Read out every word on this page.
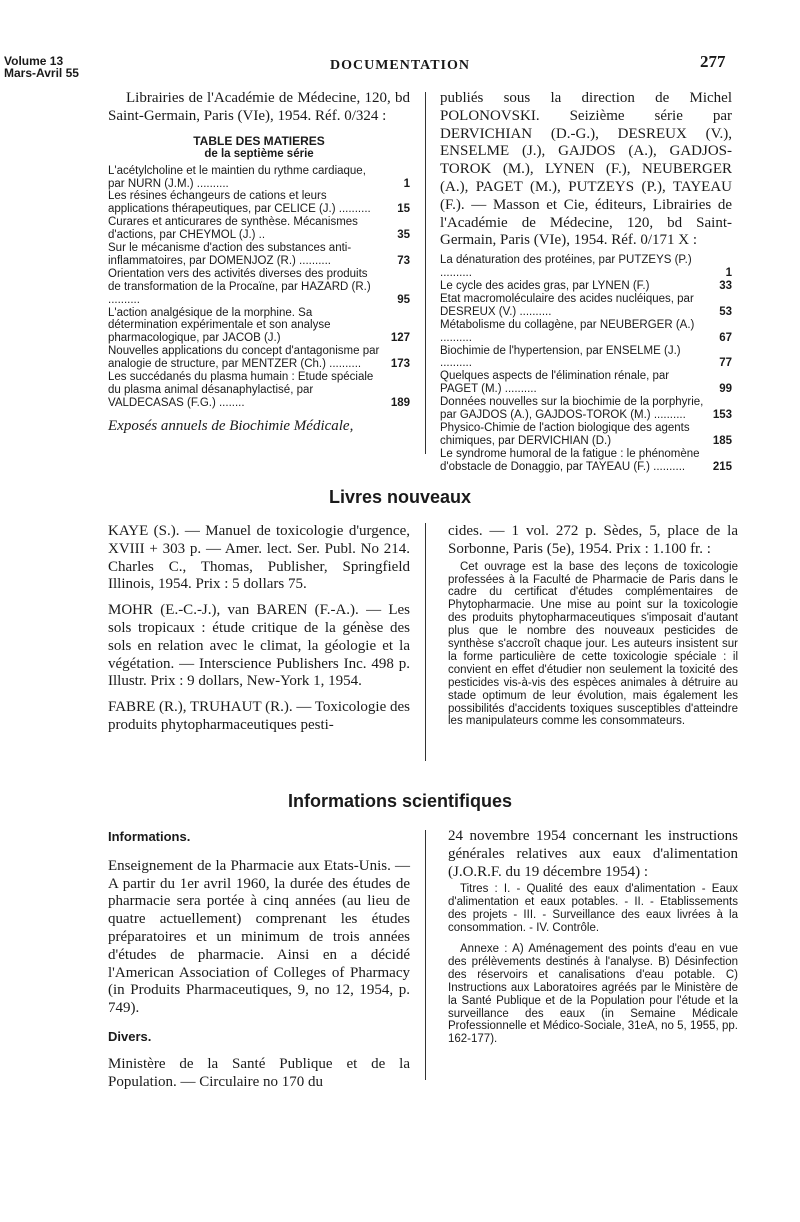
Volume 13
Mars-Avril 55	DOCUMENTATION	277

Librairies de l'Académie de Médecine, 120, bd Saint-Germain, Paris (VIe), 1954. Réf. 0/324 :

TABLE DES MATIERES
de la septième série
L'acétylcholine et le maintien du rythme cardiaque, par NURN (J.M.) ..........	1
Les résines échangeurs de cations et leurs applications thérapeutiques, par CELICE (J.) ..........	15
Curares et anticurares de synthèse. Mécanismes d'actions, par CHEYMOL (J.) ..	35
Sur le mécanisme d'action des substances anti-inflammatoires, par DOMENJOZ (R.) ..........	73
Orientation vers des activités diverses des produits de transformation de la Procaïne, par HAZARD (R.) ..........	95
L'action analgésique de la morphine. Sa détermination expérimentale et son analyse pharmacologique, par JACOB (J.)	127
Nouvelles applications du concept d'antagonisme par analogie de structure, par MENTZER (Ch.) ..........	173
Les succédanés du plasma humain : Etude spéciale du plasma animal désanaphylactisé, par VALDECASAS (F.G.) ........	189

Exposés annuels de Biochimie Médicale,

publiés sous la direction de Michel POLONOVSKI. Seizième série par DERVICHIAN (D.-G.), DESREUX (V.), ENSELME (J.), GAJDOS (A.), GADJOS-TOROK (M.), LYNEN (F.), NEUBERGER (A.), PAGET (M.), PUTZEYS (P.), TAYEAU (F.). — Masson et Cie, éditeurs, Librairies de l'Académie de Médecine, 120, bd Saint-Germain, Paris (VIe), 1954. Réf. 0/171 X :

La dénaturation des protéines, par PUTZEYS (P.) ..........	1
Le cycle des acides gras, par LYNEN (F.)	33
Etat macromoléculaire des acides nucléiques, par DESREUX (V.) ..........	53
Métabolisme du collagène, par NEUBERGER (A.) ..........	67
Biochimie de l'hypertension, par ENSELME (J.) ..........	77
Quelques aspects de l'élimination rénale, par PAGET (M.) ..........	99
Données nouvelles sur la biochimie de la porphyrie, par GAJDOS (A.), GAJDOS-TOROK (M.) ..........	153
Physico-Chimie de l'action biologique des agents chimiques, par DERVICHIAN (D.)	185
Le syndrome humoral de la fatigue : le phénomène d'obstacle de Donaggio, par TAYEAU (F.) ..........	215
Livres nouveaux

KAYE (S.). — Manuel de toxicologie d'urgence, XVIII + 303 p. — Amer. lect. Ser. Publ. No 214. Charles C., Thomas, Publisher, Springfield Illinois, 1954. Prix : 5 dollars 75.

MOHR (E.-C.-J.), van BAREN (F.-A.). — Les sols tropicaux : étude critique de la génèse des sols en relation avec le climat, la géologie et la végétation. — Interscience Publishers Inc. 498 p. Illustr. Prix : 9 dollars, New-York 1, 1954.

FABRE (R.), TRUHAUT (R.). — Toxicologie des produits phytopharmaceutiques pesti-

cides. — 1 vol. 272 p. Sèdes, 5, place de la Sorbonne, Paris (5e), 1954. Prix : 1.100 fr. :

Cet ouvrage est la base des leçons de toxicologie professées à la Faculté de Pharmacie de Paris dans le cadre du certificat d'études complémentaires de Phytopharmacie. Une mise au point sur la toxicologie des produits phytopharmaceutiques s'imposait d'autant plus que le nombre des nouveaux pesticides de synthèse s'accroît chaque jour. Les auteurs insistent sur la forme particulière de cette toxicologie spéciale : il convient en effet d'étudier non seulement la toxicité des pesticides vis-à-vis des espèces animales à détruire au stade optimum de leur évolution, mais également les possibilités d'accidents toxiques susceptibles d'atteindre les manipulateurs comme les consommateurs.

Informations scientifiques

Informations.

Enseignement de la Pharmacie aux Etats-Unis. — A partir du 1er avril 1960, la durée des études de pharmacie sera portée à cinq années (au lieu de quatre actuellement) comprenant les études préparatoires et un minimum de trois années d'études de pharmacie. Ainsi en a décidé l'American Association of Colleges of Pharmacy (in Produits Pharmaceutiques, 9, no 12, 1954, p. 749).

Divers.

Ministère de la Santé Publique et de la Population. — Circulaire no 170 du

24 novembre 1954 concernant les instructions générales relatives aux eaux d'alimentation (J.O.R.F. du 19 décembre 1954) :

Titres : I. - Qualité des eaux d'alimentation - Eaux d'alimentation et eaux potables. - II. - Etablissements des projets - III. - Surveillance des eaux livrées à la consommation. - IV. Contrôle.

Annexe : A) Aménagement des points d'eau en vue des prélèvements destinés à l'analyse. B) Désinfection des réservoirs et canalisations d'eau potable. C) Instructions aux Laboratoires agréés par le Ministère de la Santé Publique et de la Population pour l'étude et la surveillance des eaux (in Semaine Médicale Professionnelle et Médico-Sociale, 31eA, no 5, 1955, pp. 162-177).
